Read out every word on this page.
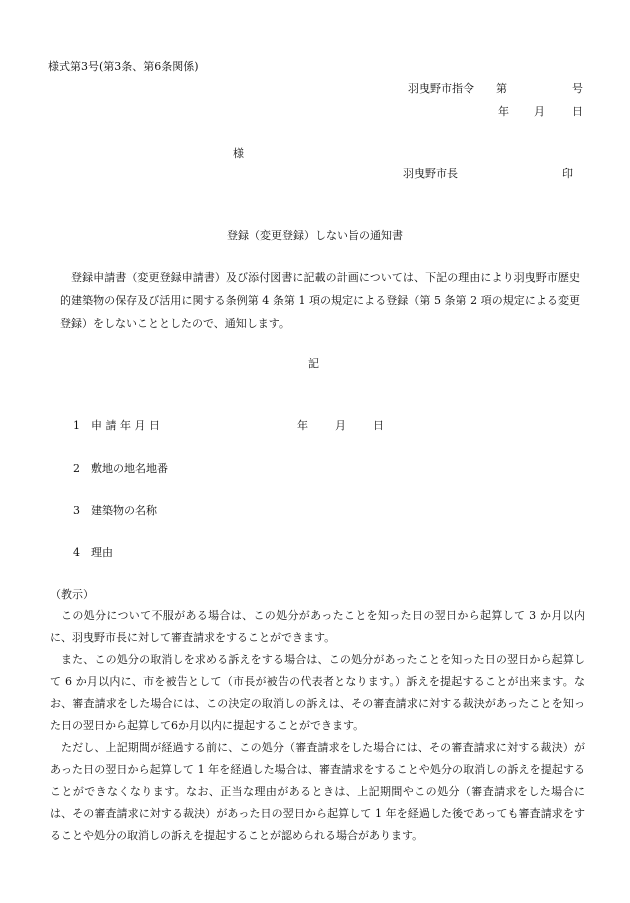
様式第3号(第3条、第6条関係)
羽曳野市指令 第	号
年 月 日
様
羽曳野市長	印
登録（変更登録）しない旨の通知書
登録申請書（変更登録申請書）及び添付図書に記載の計画については、下記の理由により羽曳野市歴史的建築物の保存及び活用に関する条例第 4 条第 1 項の規定による登録（第 5 条第 2 項の規定による変更登録）をしないこととしたので、通知します。
記
1 申 請 年 月 日	年 月 日
2 敷地の地名地番
3 建築物の名称
4 理由
（教示）

この処分について不服がある場合は、この処分があったことを知った日の翌日から起算して 3 か月以内に、羽曳野市長に対して審査請求をすることができます。

また、この処分の取消しを求める訴えをする場合は、この処分があったことを知った日の翌日から起算して 6 か月以内に、市を被告として（市長が被告の代表者となります。）訴えを提起することが出来ます。なお、審査請求をした場合には、この決定の取消しの訴えは、その審査請求に対する裁決があったことを知った日の翌日から起算して6か月以内に提起することができます。

ただし、上記期間が経過する前に、この処分（審査請求をした場合には、その審査請求に対する裁決）があった日の翌日から起算して 1 年を経過した場合は、審査請求をすることや処分の取消しの訴えを提起することができなくなります。なお、正当な理由があるときは、上記期間やこの処分（審査請求をした場合には、その審査請求に対する裁決）があった日の翌日から起算して 1 年を経過した後であっても審査請求をすることや処分の取消しの訴えを提起することが認められる場合があります。
